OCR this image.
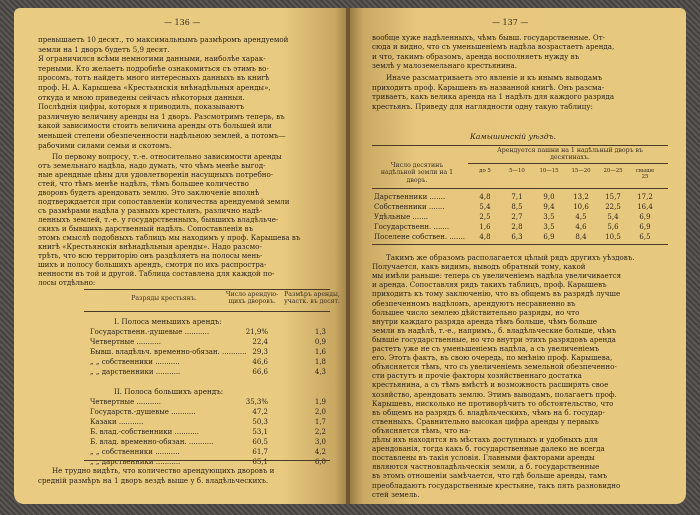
— 136 —
превышаетъ 10 десят., то максимальнымъ размѣромъ арендуемой
земли на 1 дворъ будетъ 5,9 десят.
Я ограничился всѣми немногими данными, наиболѣе харак-
терными. Кто желаетъ подробнѣе ознакомиться съ этимъ во-
просомъ, тотъ найдетъ много интересныхъ данныхъ въ книгѣ
проф. Н. А. Карышева «Крестьянскія внѣнадѣльныя аренды»,
откуда и мною приведены сейчасъ нѣкоторыя данныя.
Послѣднія цифры, которыя я приводилъ, показываютъ
различную величину аренды на 1 дворъ. Разсмотримъ теперь, въ
какой зависимости стоитъ величина аренды отъ большей или
меньшей степени обезпеченности надѣльною землей, а потомъ—
рабочими силами семьи и скотомъ.
По первому вопросу, т.-е. относительно зависимости аренды
отъ земельнаго надѣла, надо думать, что чѣмъ менѣе выгод-
ные арендные цѣны для удовлетворенія насущныхъ потребно-
стей, что тѣмъ менѣе надѣлъ, тѣмъ большее количество
дворовъ будетъ арендовать землю. Это заключеніе вполнѣ
подтверждается при сопоставленіи количества арендуемой земли
съ размѣрами надѣла у разныхъ крестьянъ, различно надѣ-
ленныхъ землей, т.-е. у государственныхъ, бывшихъ владѣльче-
скихъ и бывшихъ дарственный надѣлъ. Сопоставленія въ
этомъ смыслѣ подобныхъ таблицъ мы находимъ у проф. Карышева въ
книгѣ «Крестьянскія внѣнадѣльныя аренды». Надо разсмо-
трѣть, что всю территорію онъ раздѣляетъ на полосы мень-
шихъ и полосу большихъ арендъ, смотря по ихъ распростра-
ненности въ той и другой. Таблица составлена для каждой по-
лосы отдѣльно:
Разряды крестьянъ.
Число арендую-щихъ дворовъ.
Размѣръ аренды, участк. въ десят.
I. Полоса меньшихъ арендъ:
Государственн.-душевые ...........	21,9%	1,3
Четвертные ...........	22,4	0,9
Бывш. владѣльч. временно-обязан. ........... 29,3	1,6
„ „ собственники ...........	46,6	1,8
„ „ дарственники ...........	66,6	4,3
II. Полоса большихъ арендъ:
Четвертные ...........	35,3%	1,9
Государств.-душевые ...........	47,2	2,0
Казаки ...........	50,3	1,7
Б. влад.-собственники ...........	53,1	2,2
Б. влад. временно-обязан. ...........	60,5	3,0
„ „ собственники ...........	61,7	4,2
„ „ дарственники ...........	65,1	6,0
Не трудно видѣть, что количество арендующихъ дворовъ и
средній размѣръ на 1 дворъ вездѣ выше у б. владѣльческихъ.
— 137 —
вообще хуже надѣленныхъ, чѣмъ бывш. государственные. От-
сюда и видно, что съ уменьшеніемъ надѣла возрастаетъ аренда,
и что, такимъ образомъ, аренда восполняетъ нужду въ
землѣ у малоземельнаго крестьянина.
Иначе разсматриваетъ это явленіе и къ инымъ выводамъ
приходитъ проф. Карышевъ въ названной книгѣ. Онъ разсма-
триваетъ, какъ велика аренда на 1 надѣлъ для каждого разряда
крестьянъ. Приведу для наглядности одну такую таблицу:
Камышинскій уѣздъ.
Число десятинъ надѣльной земли на 1 дворъ.
Арендуется пашни на 1 надѣльный дворъ въ десятинахъ.
до 5	5—10	10—15 15—20 20—25	свыше 25
Дарственники .......	4,8	7,1	9,0	13,2	15,7	17,2
Собственники .......	5,4	8,5	9,4	10,6	22,5	16,4
Удѣльные .......	2,5	2,7	3,5	4,5	5,4	6,9
Государственн. .......	1,6	2,8	3,5	4,6	5,6	6,9
Поселене собствен. .......	4,8	6,3	6,9	8,4	10,5	6,5
Такимъ же образомъ располагается цѣлый рядъ другихъ уѣздовъ.
Получается, какъ видимъ, выводъ обратный тому, какой
мы имѣли раньше: теперь съ увеличеніемъ надѣла увеличивается
и аренда. Сопоставляя рядъ такихъ таблицъ, проф. Карышевъ
приходитъ къ тому заключенію, что въ общемъ въ разрядѣ лучше
обезпеченномъ надѣломъ, арендуютъ несравненно въ
большее число землею дѣйствительно разряды, но что
внутри каждаго разряда аренда тѣмъ больше, чѣмъ больше
земли въ надѣлѣ, т.-е., напримъ., б. владѣльческие больше, чѣмъ
бывшіе государственные, но что внутри этихъ разрядовъ аренда
растетъ уже не съ уменьшеніемъ надѣла, а съ увеличеніемъ
его. Этотъ фактъ, въ свою очередь, по мнѣнію проф. Карышева,
объясняется тѣмъ, что съ увеличеніемъ земельной обезпеченно-
сти растутъ и прочіе факторы хозяйственнаго достатка
крестьянина, а съ тѣмъ вмѣстѣ и возможность расширять свое
хозяйство, арендовать землю. Этимъ выводамъ, полагаетъ проф.
Карышевъ, нисколько не противорѣчитъ то обстоятельство, что
въ общемъ на разрядъ б. владѣльческихъ, чѣмъ на б. государ-
ственныхъ. Сравнительно высокая цифра аренды у первыхъ
объясняется тѣмъ, что на-
дѣлы ихъ находятся въ мѣстахъ доступныхъ и удобныхъ для
арендованія, тогда какъ б. государственные далеко не всегда
поставлены въ такія условія. Главными факторами аренды
являются частновладѣльческія земли, а б. государственные
въ этомъ отношеніи замѣчается, что гдѣ больше аренды, тамъ
преобладаютъ государственные крестьяне, такъ пять разновидно
стей земель.
